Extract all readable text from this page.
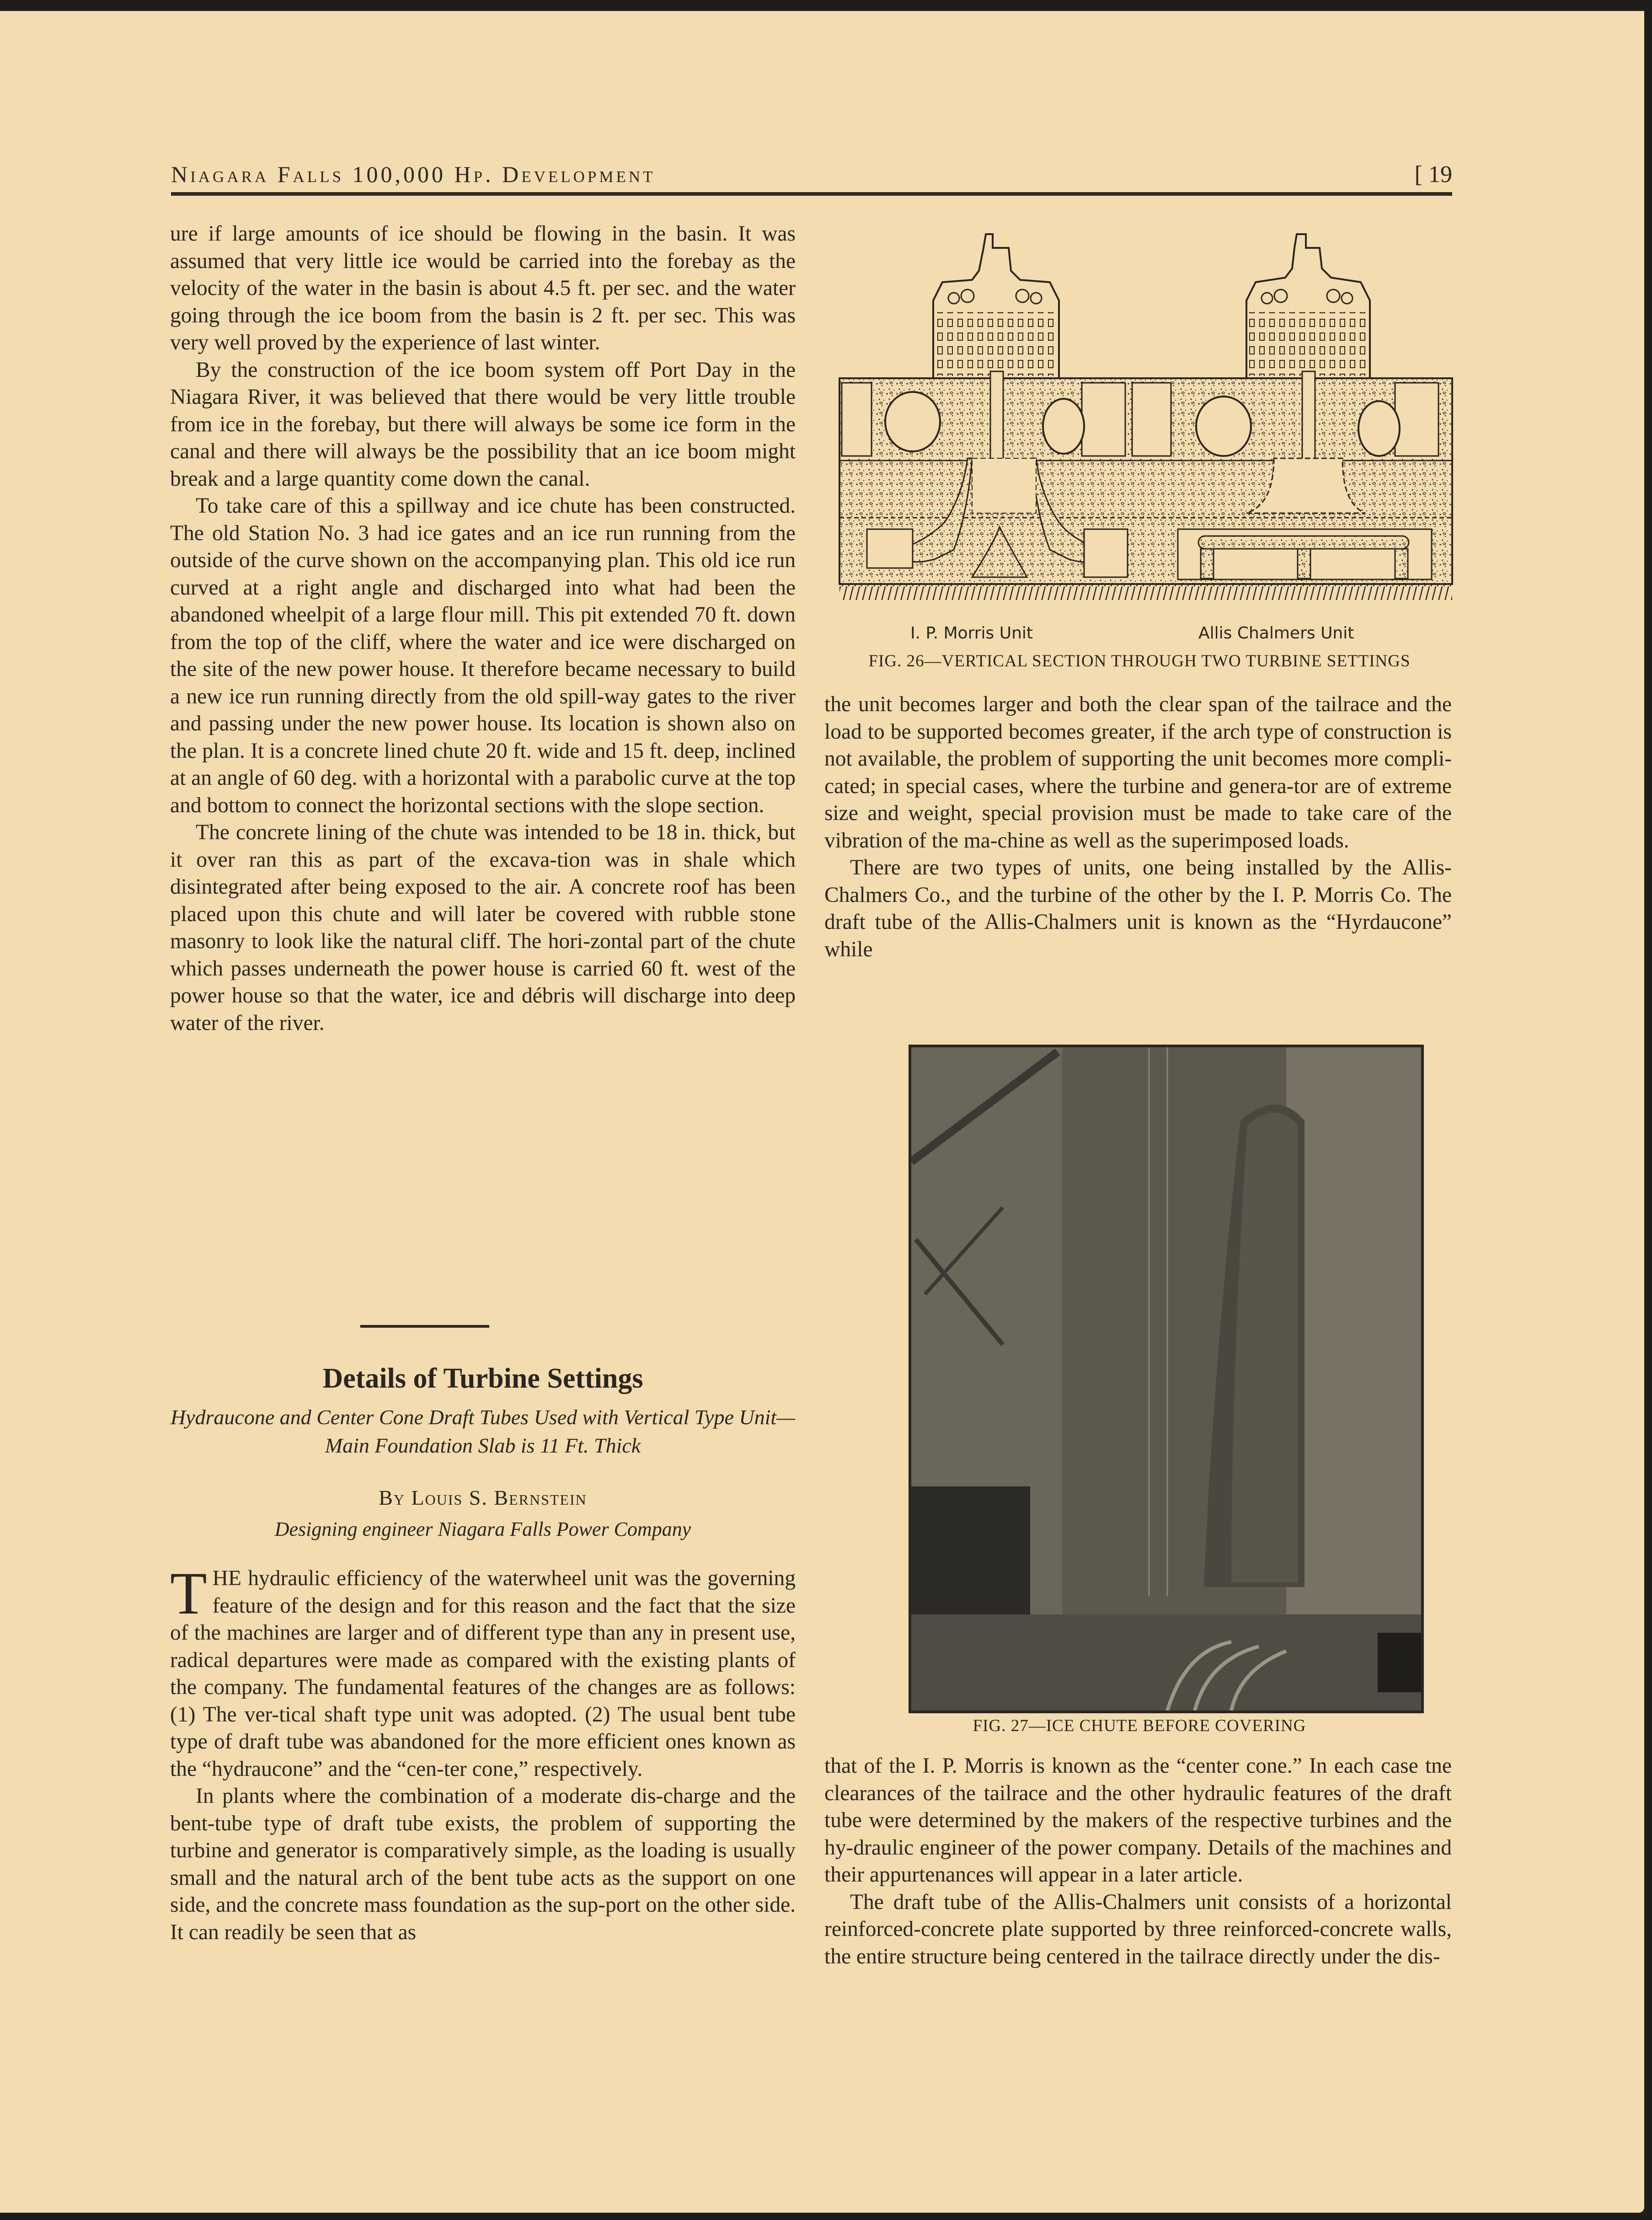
Niagara Falls 100,000 Hp. Development	[ 19

ure if large amounts of ice should be flowing in the basin. It was assumed that very little ice would be carried into the forebay as the velocity of the water in the basin is about 4.5 ft. per sec. and the water going through the ice boom from the basin is 2 ft. per sec. This was very well proved by the experience of last winter.

By the construction of the ice boom system off Port Day in the Niagara River, it was believed that there would be very little trouble from ice in the forebay, but there will always be some ice form in the canal and there will always be the possibility that an ice boom might break and a large quantity come down the canal.

To take care of this a spillway and ice chute has been constructed. The old Station No. 3 had ice gates and an ice run running from the outside of the curve shown on the accompanying plan. This old ice run curved at a right angle and discharged into what had been the abandoned wheelpit of a large flour mill. This pit extended 70 ft. down from the top of the cliff, where the water and ice were discharged on the site of the new power house. It therefore became necessary to build a new ice run running directly from the old spill-way gates to the river and passing under the new power house. Its location is shown also on the plan. It is a concrete lined chute 20 ft. wide and 15 ft. deep, inclined at an angle of 60 deg. with a horizontal with a parabolic curve at the top and bottom to connect the horizontal sections with the slope section.

The concrete lining of the chute was intended to be 18 in. thick, but it over ran this as part of the excava-tion was in shale which disintegrated after being exposed to the air. A concrete roof has been placed upon this chute and will later be covered with rubble stone masonry to look like the natural cliff. The hori-zontal part of the chute which passes underneath the power house is carried 60 ft. west of the power house so that the water, ice and débris will discharge into deep water of the river.

Details of Turbine Settings

Hydraucone and Center Cone Draft Tubes Used with Vertical Type Unit—Main Foundation Slab is 11 Ft. Thick

By Louis S. Bernstein

Designing engineer Niagara Falls Power Company

THE hydraulic efficiency of the waterwheel unit was the governing feature of the design and for this reason and the fact that the size of the machines are larger and of different type than any in present use, radical departures were made as compared with the existing plants of the company. The fundamental features of the changes are as follows: (1) The ver-tical shaft type unit was adopted. (2) The usual bent tube type of draft tube was abandoned for the more efficient ones known as the “hydraucone” and the “cen-ter cone,” respectively.

In plants where the combination of a moderate dis-charge and the bent-tube type of draft tube exists, the problem of supporting the turbine and generator is comparatively simple, as the loading is usually small and the natural arch of the bent tube acts as the support on one side, and the concrete mass foundation as the sup-port on the other side. It can readily be seen that as

I. P. Morris Unit	Allis Chalmers Unit
FIG. 26—VERTICAL SECTION THROUGH TWO TURBINE SETTINGS

the unit becomes larger and both the clear span of the tailrace and the load to be supported becomes greater, if the arch type of construction is not available, the problem of supporting the unit becomes more compli-cated; in special cases, where the turbine and genera-tor are of extreme size and weight, special provision must be made to take care of the vibration of the ma-chine as well as the superimposed loads.

There are two types of units, one being installed by the Allis-Chalmers Co., and the turbine of the other by the I. P. Morris Co. The draft tube of the Allis-Chalmers unit is known as the “Hyrdaucone” while

FIG. 27—ICE CHUTE BEFORE COVERING

that of the I. P. Morris is known as the “center cone.” In each case tne clearances of the tailrace and the other hydraulic features of the draft tube were determined by the makers of the respective turbines and the hy-draulic engineer of the power company. Details of the machines and their appurtenances will appear in a later article.

The draft tube of the Allis-Chalmers unit consists of a horizontal reinforced-concrete plate supported by three reinforced-concrete walls, the entire structure being centered in the tailrace directly under the dis-
